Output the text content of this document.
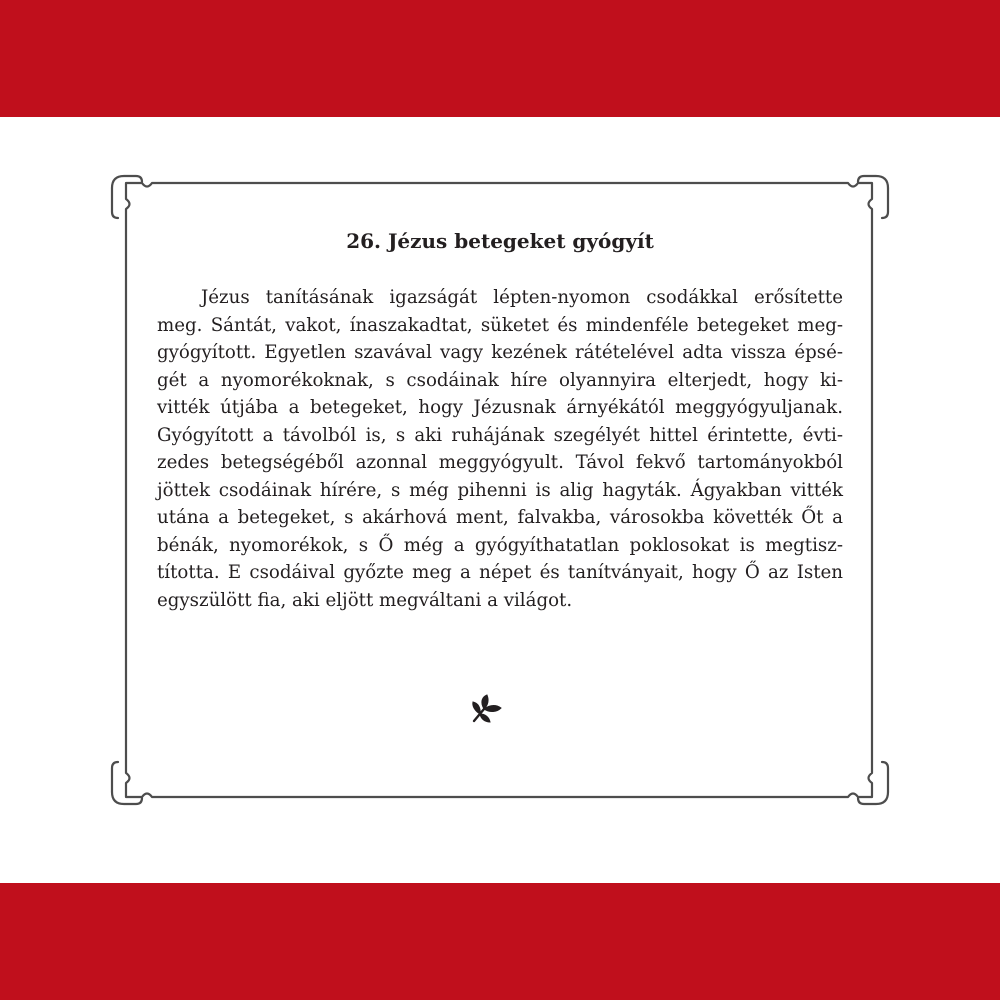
26. Jézus betegeket gyógyít
Jézus tanításának igazságát lépten-nyomon csodákkal erősítette
meg. Sántát, vakot, ínaszakadtat, süketet és mindenféle betegeket meg-
gyógyított. Egyetlen szavával vagy kezének rátételével adta vissza épsé-
gét a nyomorékoknak, s csodáinak híre olyannyira elterjedt, hogy ki-
vitték útjába a betegeket, hogy Jézusnak árnyékától meggyógyuljanak.
Gyógyított a távolból is, s aki ruhájának szegélyét hittel érintette, évti-
zedes betegségéből azonnal meggyógyult. Távol fekvő tartományokból
jöttek csodáinak hírére, s még pihenni is alig hagyták. Ágyakban vitték
utána a betegeket, s akárhová ment, falvakba, városokba követték Őt a
bénák, nyomorékok, s Ő még a gyógyíthatatlan poklosokat is megtisz-
tította. E csodáival győzte meg a népet és tanítványait, hogy Ő az Isten
egyszülött fia, aki eljött megváltani a világot.
